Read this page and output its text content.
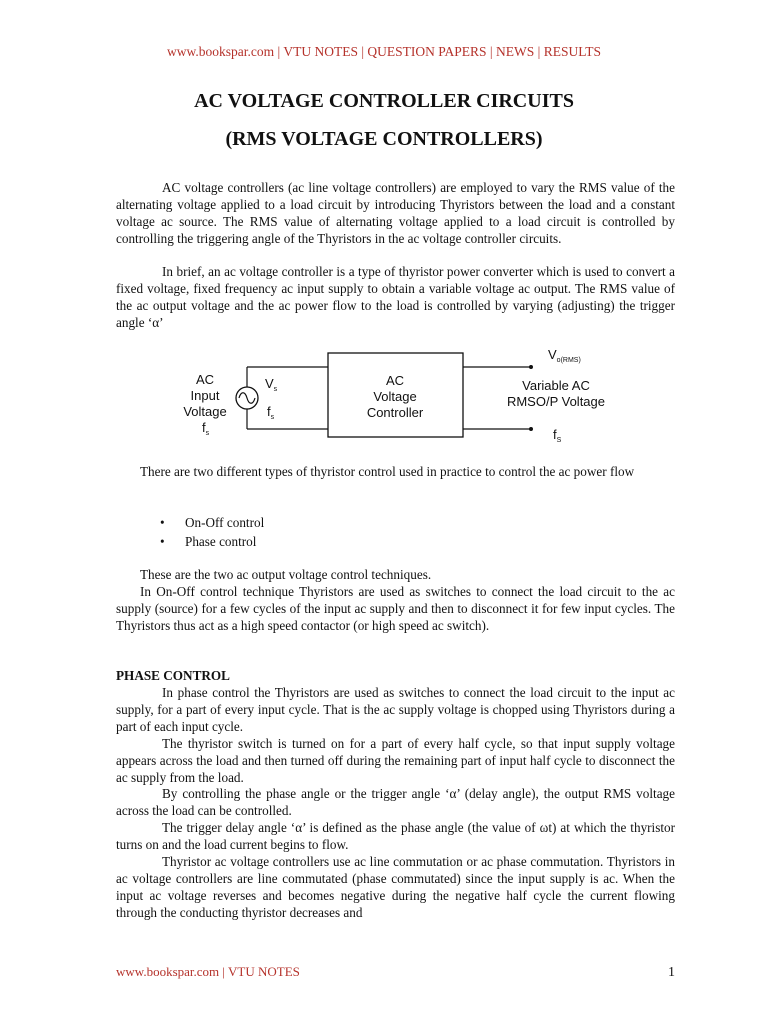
www.bookspar.com | VTU NOTES | QUESTION PAPERS | NEWS | RESULTS
AC VOLTAGE CONTROLLER CIRCUITS
(RMS VOLTAGE CONTROLLERS)

AC voltage controllers (ac line voltage controllers) are employed to vary the RMS value of the alternating voltage applied to a load circuit by introducing Thyristors between the load and a constant voltage ac source. The RMS value of alternating voltage applied to a load circuit is controlled by controlling the triggering angle of the Thyristors in the ac voltage controller circuits.

In brief, an ac voltage controller is a type of thyristor power converter which is used to convert a fixed voltage, fixed frequency ac input supply to obtain a variable voltage ac output. The RMS value of the ac output voltage and the ac power flow to the load is controlled by varying (adjusting) the trigger angle ‘α’

AC
Input
Voltage
$f_s$
$V_s$
$f_s$
AC
Voltage
Controller
$V_{o(RMS)}$
Variable AC
RMSO/P Voltage
$f_S$

There are two different types of thyristor control used in practice to control the ac power flow

• On-Off control
• Phase control

These are the two ac output voltage control techniques.

In On-Off control technique Thyristors are used as switches to connect the load circuit to the ac supply (source) for a few cycles of the input ac supply and then to disconnect it for few input cycles. The Thyristors thus act as a high speed contactor (or high speed ac switch).

PHASE CONTROL

In phase control the Thyristors are used as switches to connect the load circuit to the input ac supply, for a part of every input cycle. That is the ac supply voltage is chopped using Thyristors during a part of each input cycle.

The thyristor switch is turned on for a part of every half cycle, so that input supply voltage appears across the load and then turned off during the remaining part of input half cycle to disconnect the ac supply from the load.

By controlling the phase angle or the trigger angle ‘α’ (delay angle), the output RMS voltage across the load can be controlled.

The trigger delay angle ‘α’ is defined as the phase angle (the value of ωt) at which the thyristor turns on and the load current begins to flow.

Thyristor ac voltage controllers use ac line commutation or ac phase commutation. Thyristors in ac voltage controllers are line commutated (phase commutated) since the input supply is ac. When the input ac voltage reverses and becomes negative during the negative half cycle the current flowing through the conducting thyristor decreases and

www.bookspar.com | VTU NOTES	1
